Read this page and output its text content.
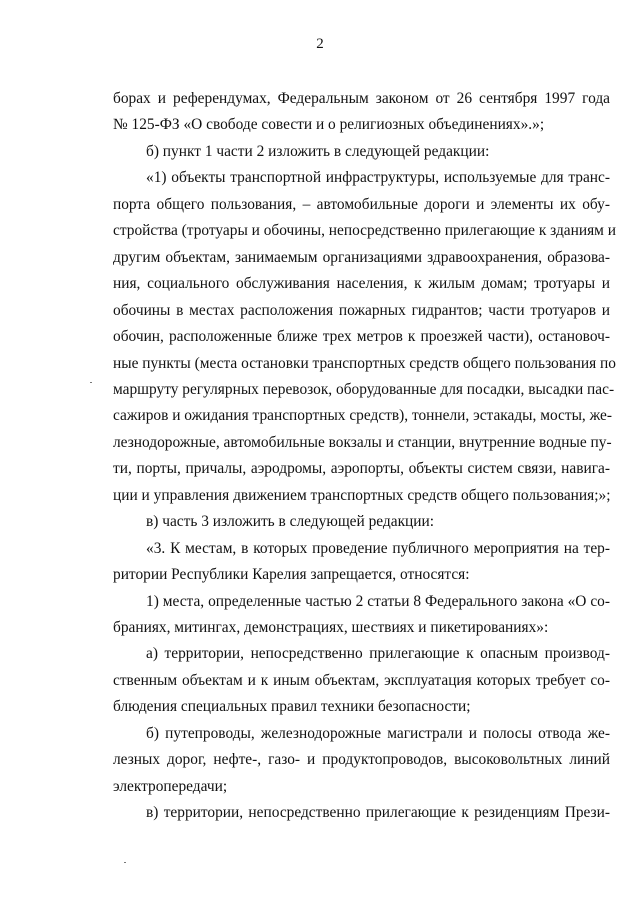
2
борах и референдумах, Федеральным законом от 26 сентября 1997 года
№ 125-ФЗ «О свободе совести и о религиозных объединениях».»;
б) пункт 1 части 2 изложить в следующей редакции:
«1) объекты транспортной инфраструктуры, используемые для транс-
порта общего пользования, – автомобильные дороги и элементы их обу-
стройства (тротуары и обочины, непосредственно прилегающие к зданиям и
другим объектам, занимаемым организациями здравоохранения, образова-
ния, социального обслуживания населения, к жилым домам; тротуары и
обочины в местах расположения пожарных гидрантов; части тротуаров и
обочин, расположенные ближе трех метров к проезжей части), остановоч-
ные пункты (места остановки транспортных средств общего пользования по
маршруту регулярных перевозок, оборудованные для посадки, высадки пас-
сажиров и ожидания транспортных средств), тоннели, эстакады, мосты, же-
лезнодорожные, автомобильные вокзалы и станции, внутренние водные пу-
ти, порты, причалы, аэродромы, аэропорты, объекты систем связи, навига-
ции и управления движением транспортных средств общего пользования;»;
в) часть 3 изложить в следующей редакции:
«3. К местам, в которых проведение публичного мероприятия на тер-
ритории Республики Карелия запрещается, относятся:
1) места, определенные частью 2 статьи 8 Федерального закона «О со-
браниях, митингах, демонстрациях, шествиях и пикетированиях»:
а) территории, непосредственно прилегающие к опасным производ-
ственным объектам и к иным объектам, эксплуатация которых требует со-
блюдения специальных правил техники безопасности;
б) путепроводы, железнодорожные магистрали и полосы отвода же-
лезных дорог, нефте-, газо- и продуктопроводов, высоковольтных линий
электропередачи;
в) территории, непосредственно прилегающие к резиденциям Прези-
